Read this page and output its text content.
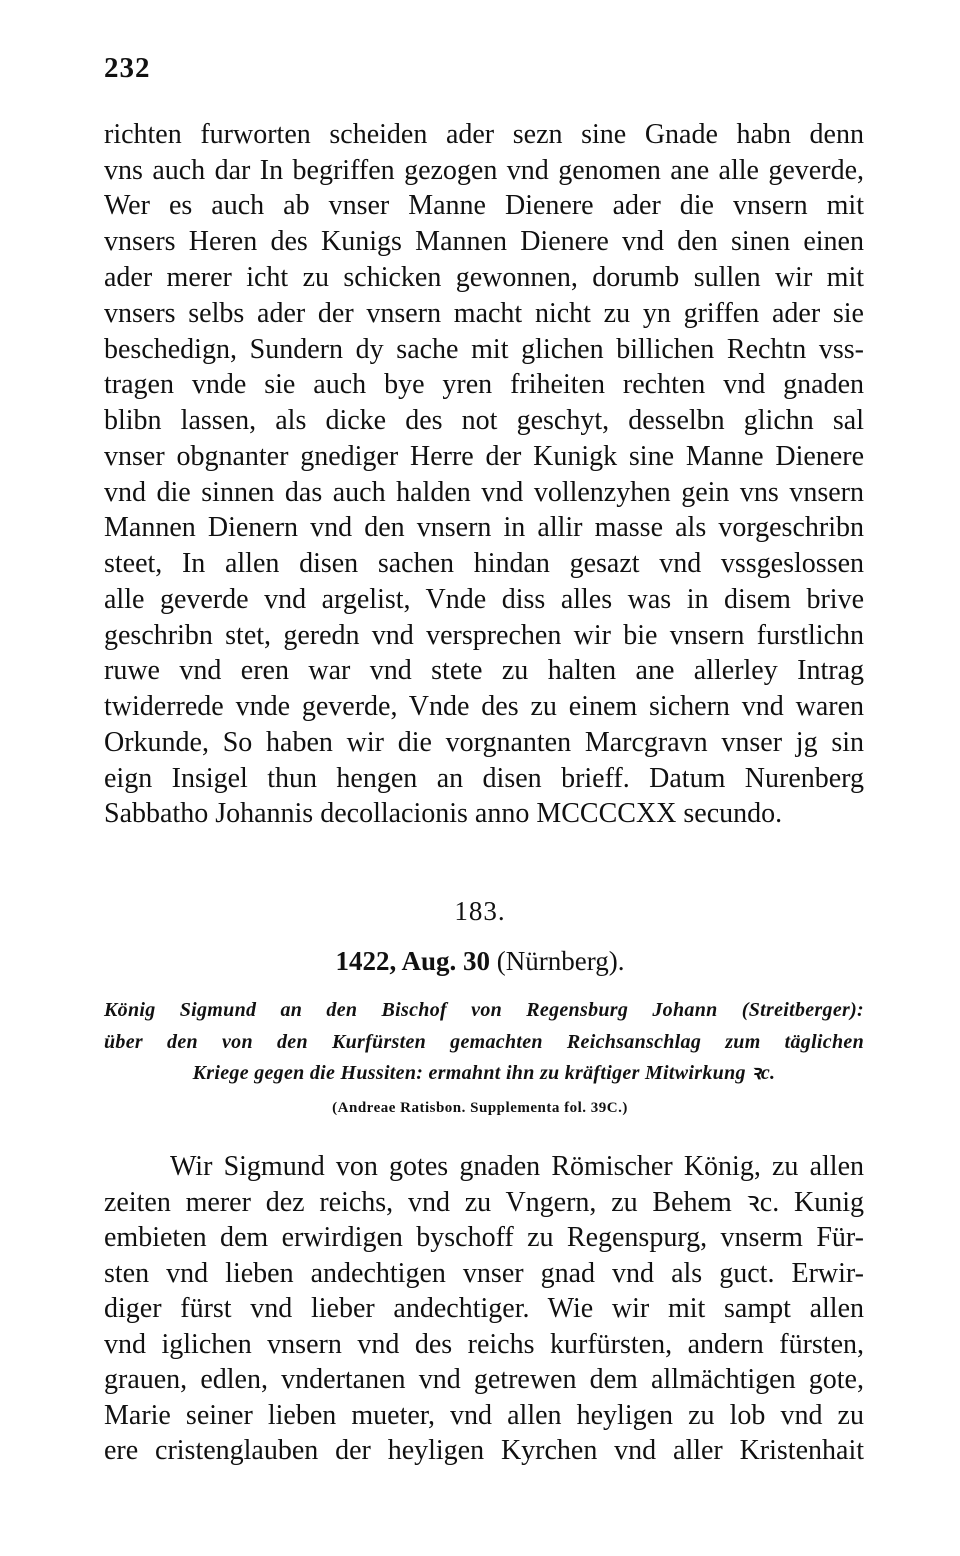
232
richten furworten scheiden ader sezn sine Gnade habn denn
vns auch dar In begriffen gezogen vnd genomen ane alle geverde,
Wer es auch ab vnser Manne Dienere ader die vnsern mit
vnsers Heren des Kunigs Mannen Dienere vnd den sinen einen
ader merer icht zu schicken gewonnen, dorumb sullen wir mit
vnsers selbs ader der vnsern macht nicht zu yn griffen ader sie
beschedign, Sundern dy sache mit glichen billichen Rechtn vss-
tragen vnde sie auch bye yren friheiten rechten vnd gnaden
blibn lassen, als dicke des not geschyt, desselbn glichn sal
vnser obgnanter gnediger Herre der Kunigk sine Manne Dienere
vnd die sinnen das auch halden vnd vollenzyhen gein vns vnsern
Mannen Dienern vnd den vnsern in allir masse als vorgeschribn
steet, In allen disen sachen hindan gesazt vnd vssgeslossen
alle geverde vnd argelist, Vnde diss alles was in disem brive
geschribn stet, geredn vnd versprechen wir bie vnsern furstlichn
ruwe vnd eren war vnd stete zu halten ane allerley Intrag
twiderrede vnde geverde, Vnde des zu einem sichern vnd waren
Orkunde, So haben wir die vorgnanten Marcgravn vnser jg sin
eign Insigel thun hengen an disen brieff. Datum Nurenberg
Sabbatho Johannis decollacionis anno MCCCCXX secundo.
183.
1422, Aug. 30 (Nürnberg).
König Sigmund an den Bischof von Regensburg Johann (Streitberger):
über den von den Kurfürsten gemachten Reichsanschlag zum täglichen
Kriege gegen die Hussiten: ermahnt ihn zu kräftiger Mitwirkung ꝛc.
(Andreae Ratisbon. Supplementa fol. 39C.)
Wir Sigmund von gotes gnaden Römischer König, zu allen
zeiten merer dez reichs, vnd zu Vngern, zu Behem ꝛc. Kunig
embieten dem erwirdigen byschoff zu Regenspurg, vnserm Für-
sten vnd lieben andechtigen vnser gnad vnd als guct. Erwir-
diger fürst vnd lieber andechtiger. Wie wir mit sampt allen
vnd iglichen vnsern vnd des reichs kurfürsten, andern fürsten,
grauen, edlen, vndertanen vnd getrewen dem allmächtigen gote,
Marie seiner lieben mueter, vnd allen heyligen zu lob vnd zu
ere cristenglauben der heyligen Kyrchen vnd aller Kristenhait
